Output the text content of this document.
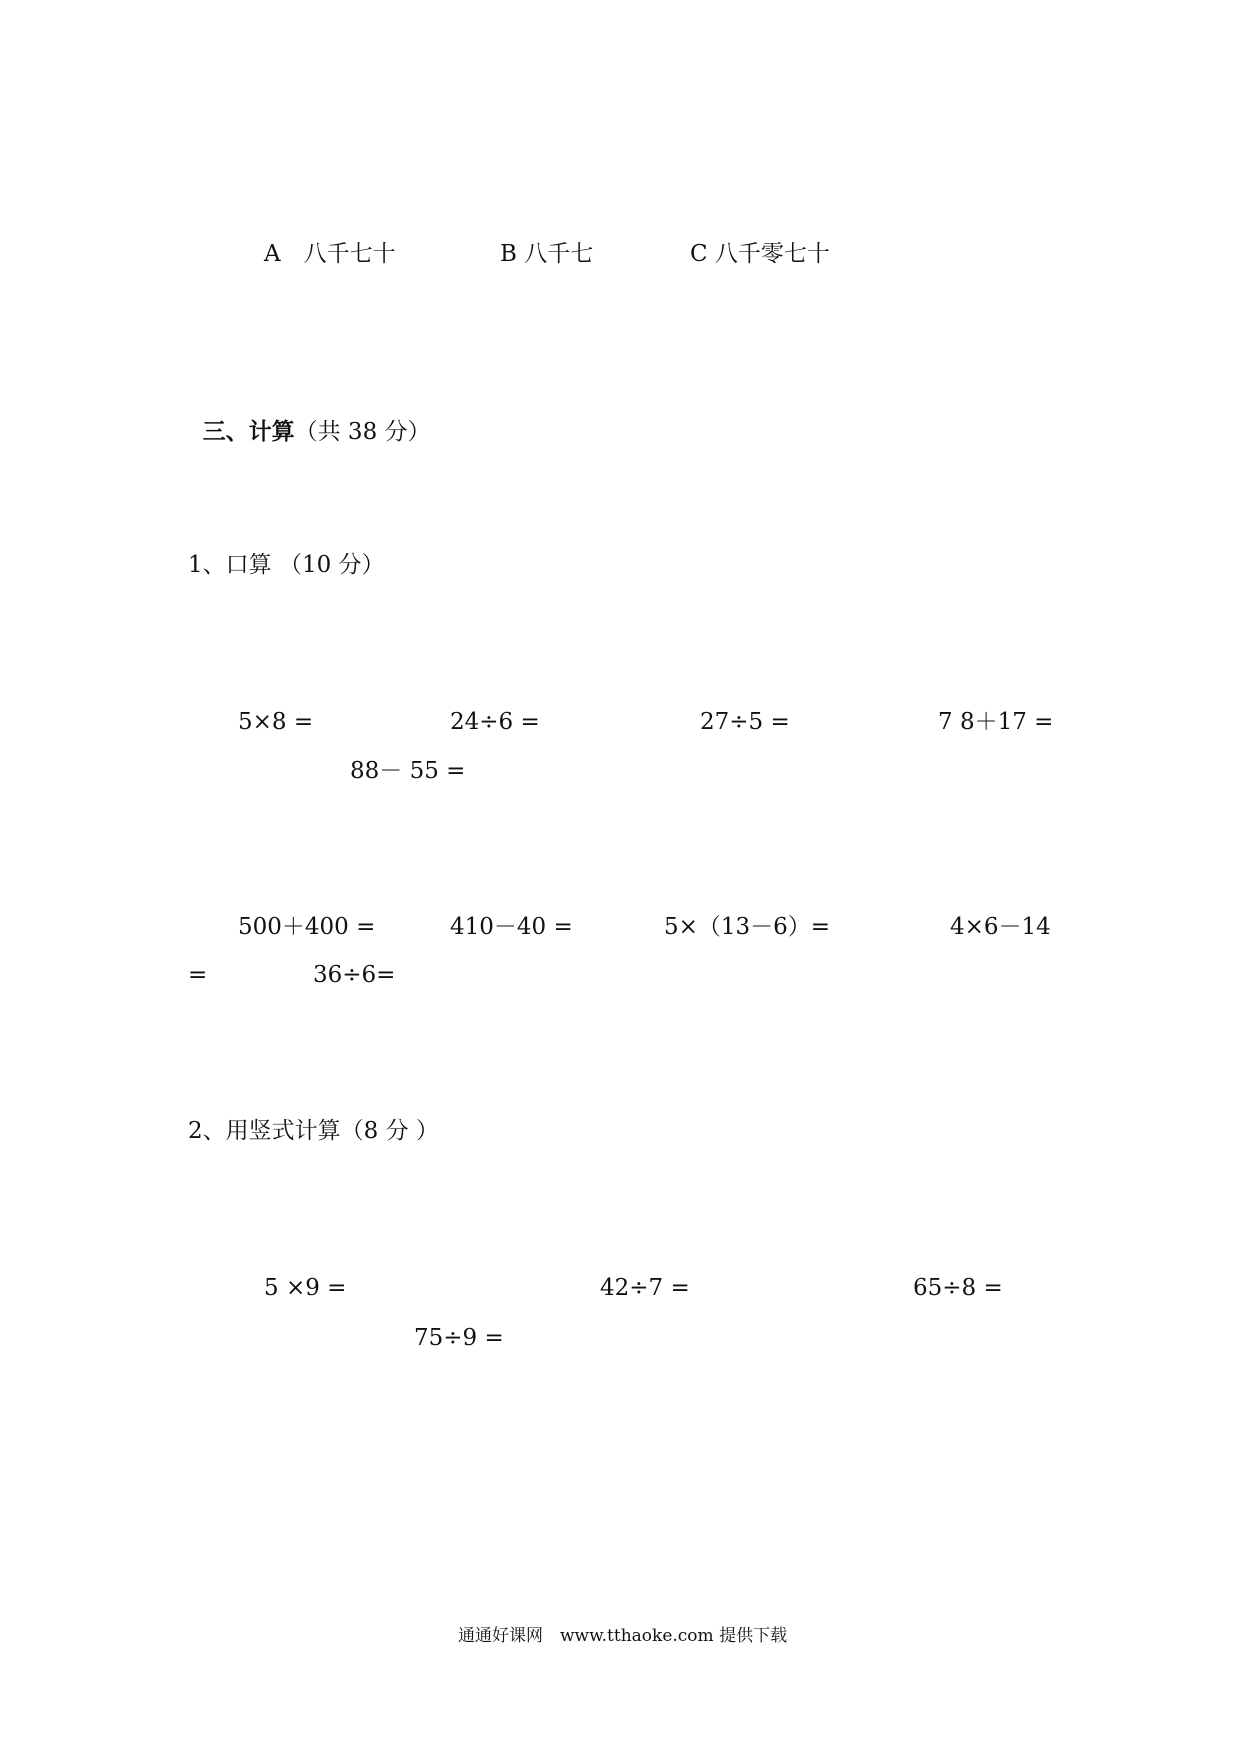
A　八千七十	B 八千七	C 八千零七十

三、计算（共 38 分）

1、口算 （10 分）
5×8 =	24÷6 =	27÷5 =	7 8＋17 =
88－ 55 =
500＋400 =	410－40 =	5×（13－6）=	4×6－14
=	36÷6=
2、用竖式计算（8 分 ）
5 ×9 =	42÷7 =	65÷8 =
75÷9 =
通通好课网　www.tthaoke.com 提供下载
